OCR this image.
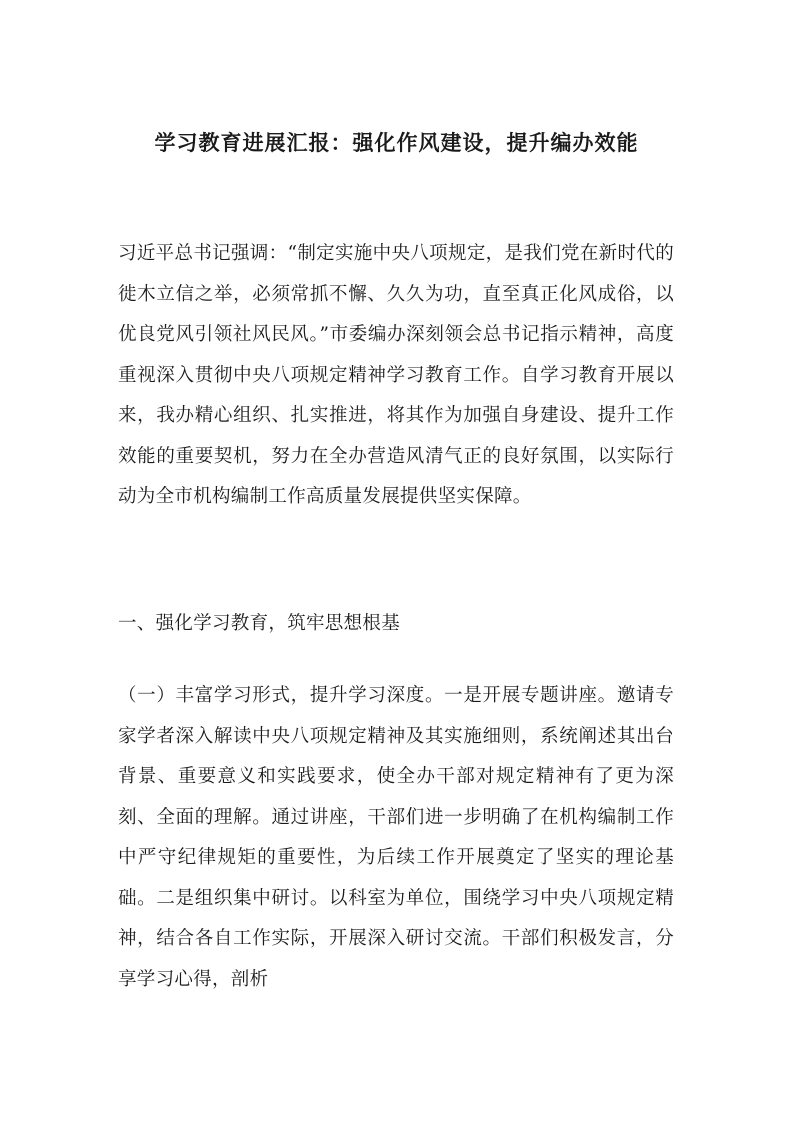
学习教育进展汇报：强化作风建设，提升编办效能

习近平总书记强调：“制定实施中央八项规定，是我们党在新时代的徙木立信之举，必须常抓不懈、久久为功，直至真正化风成俗，以优良党风引领社风民风。”市委编办深刻领会总书记指示精神，高度重视深入贯彻中央八项规定精神学习教育工作。自学习教育开展以来，我办精心组织、扎实推进，将其作为加强自身建设、提升工作效能的重要契机，努力在全办营造风清气正的良好氛围，以实际行动为全市机构编制工作高质量发展提供坚实保障。

一、强化学习教育，筑牢思想根基

（一）丰富学习形式，提升学习深度。一是开展专题讲座。邀请专家学者深入解读中央八项规定精神及其实施细则，系统阐述其出台背景、重要意义和实践要求，使全办干部对规定精神有了更为深刻、全面的理解。通过讲座，干部们进一步明确了在机构编制工作中严守纪律规矩的重要性，为后续工作开展奠定了坚实的理论基础。二是组织集中研讨。以科室为单位，围绕学习中央八项规定精神，结合各自工作实际，开展深入研讨交流。干部们积极发言，分享学习心得，剖析
